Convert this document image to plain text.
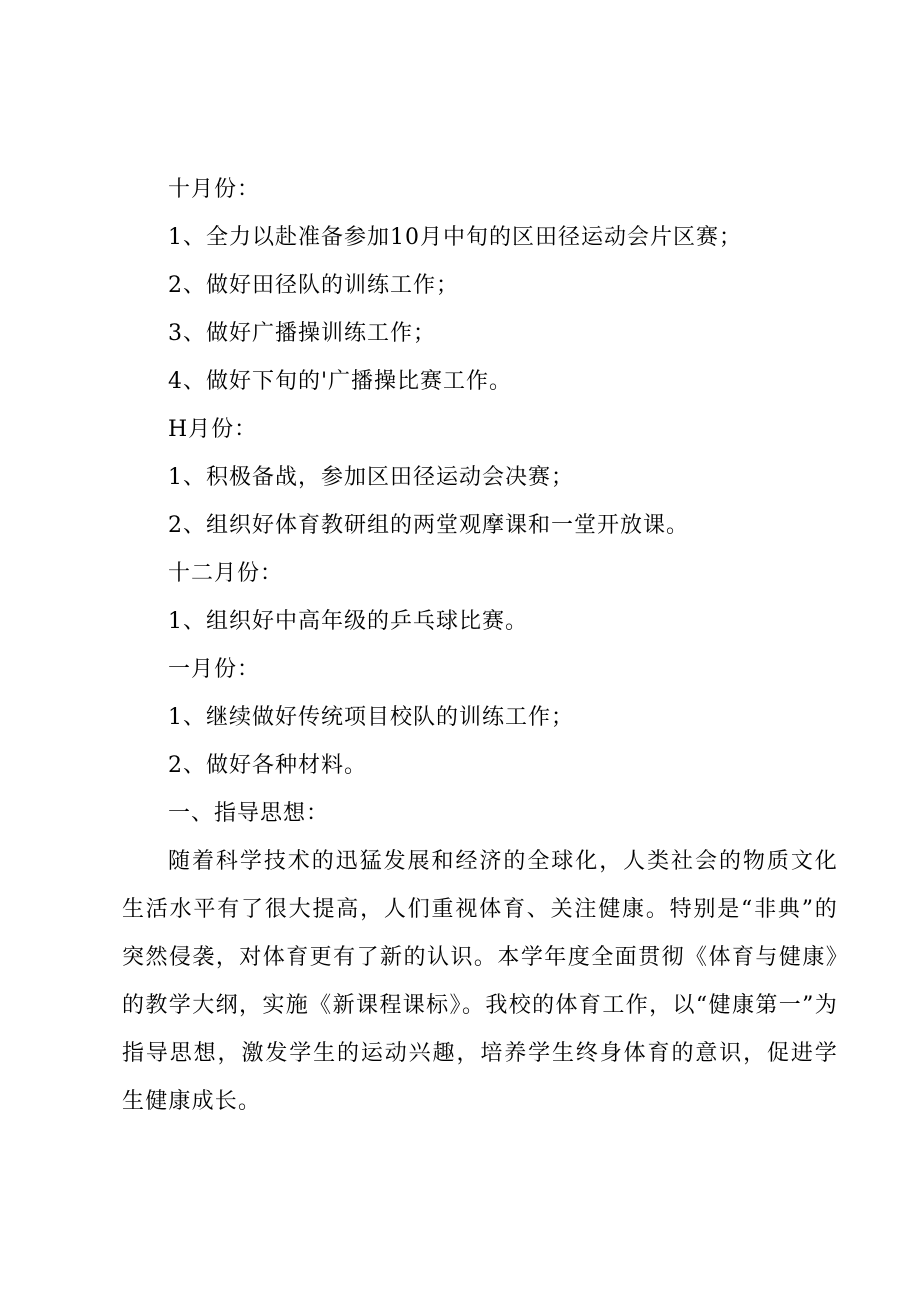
十月份：
1、全力以赴准备参加10月中旬的区田径运动会片区赛；
2、做好田径队的训练工作；
3、做好广播操训练工作；
4、做好下旬的'广播操比赛工作。
H月份：
1、积极备战，参加区田径运动会决赛；
2、组织好体育教研组的两堂观摩课和一堂开放课。
十二月份：
1、组织好中高年级的乒乓球比赛。
一月份：
1、继续做好传统项目校队的训练工作；
2、做好各种材料。
一、指导思想：
随着科学技术的迅猛发展和经济的全球化，人类社会的物质文化生活水平有了很大提高，人们重视体育、关注健康。特别是“非典”的突然侵袭，对体育更有了新的认识。本学年度全面贯彻《体育与健康》的教学大纲，实施《新课程课标》。我校的体育工作，以“健康第一”为指导思想，激发学生的运动兴趣，培养学生终身体育的意识，促进学生健康成长。
